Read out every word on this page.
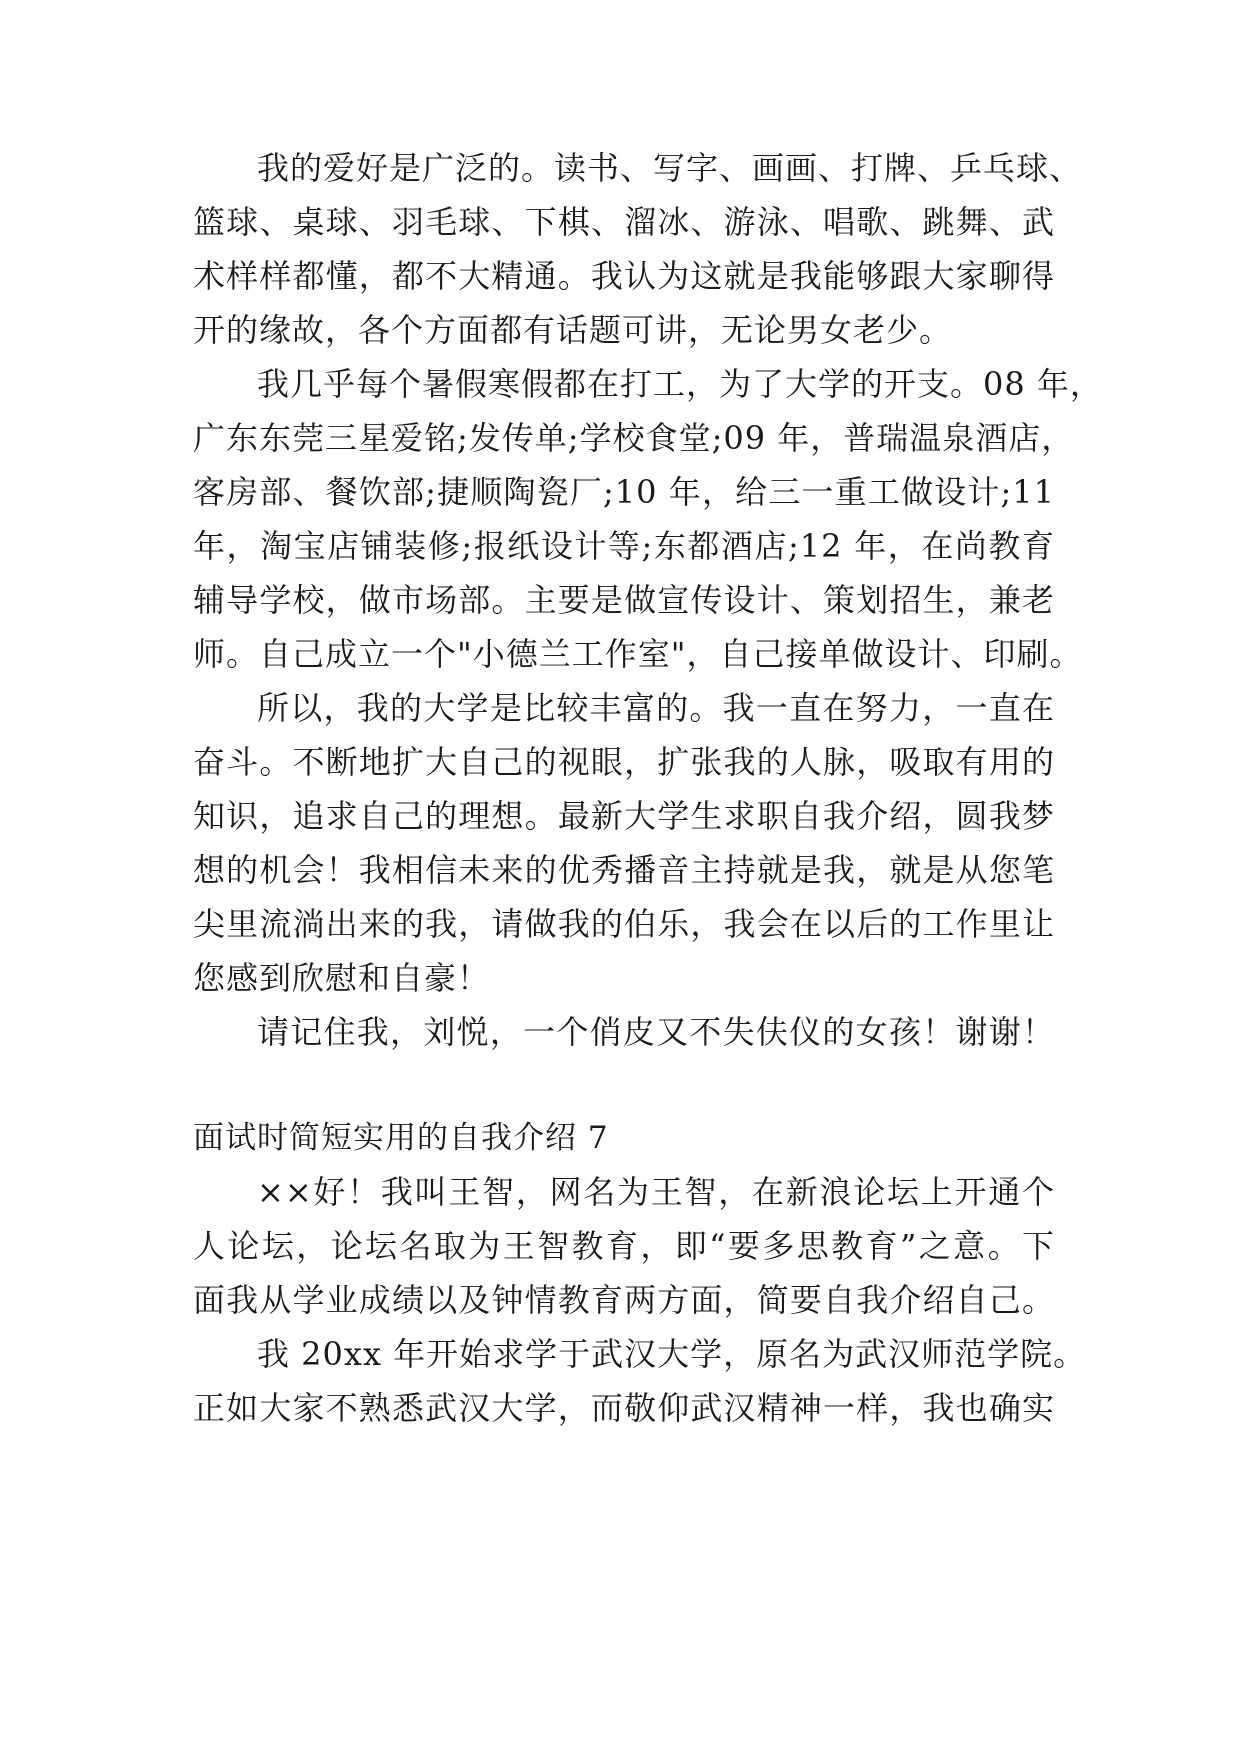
我的爱好是广泛的。读书、写字、画画、打牌、乒乓球、
篮球、桌球、羽毛球、下棋、溜冰、游泳、唱歌、跳舞、武
术样样都懂，都不大精通。我认为这就是我能够跟大家聊得
开的缘故，各个方面都有话题可讲，无论男女老少。
我几乎每个暑假寒假都在打工，为了大学的开支。08 年，
广东东莞三星爱铭;发传单;学校食堂;09 年，普瑞温泉酒店，
客房部、餐饮部;捷顺陶瓷厂;10 年，给三一重工做设计;11
年，淘宝店铺装修;报纸设计等;东都酒店;12 年，在尚教育
辅导学校，做市场部。主要是做宣传设计、策划招生，兼老
师。自己成立一个"小德兰工作室"，自己接单做设计、印刷。
所以，我的大学是比较丰富的。我一直在努力，一直在
奋斗。不断地扩大自己的视眼，扩张我的人脉，吸取有用的
知识，追求自己的理想。最新大学生求职自我介绍，圆我梦
想的机会！我相信未来的优秀播音主持就是我，就是从您笔
尖里流淌出来的我，请做我的伯乐，我会在以后的工作里让
您感到欣慰和自豪！
请记住我，刘悦，一个俏皮又不失伕仪的女孩！谢谢！
面试时简短实用的自我介绍 7
××好！我叫王智，网名为王智，在新浪论坛上开通个
人论坛，论坛名取为王智教育，即“要多思教育”之意。下
面我从学业成绩以及钟情教育两方面，简要自我介绍自己。
我 20xx 年开始求学于武汉大学，原名为武汉师范学院。
正如大家不熟悉武汉大学，而敬仰武汉精神一样，我也确实
